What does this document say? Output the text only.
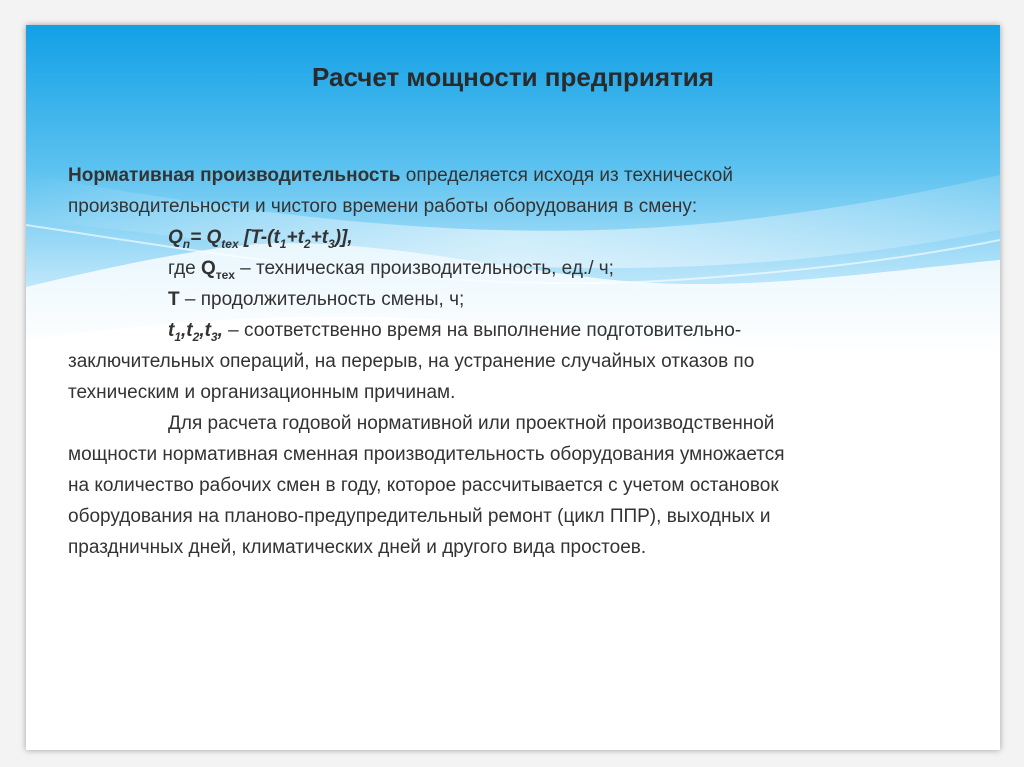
Расчет мощности предприятия

Нормативная производительность определяется исходя из технической

производительности и чистого времени работы оборудования в смену:

$Q_n= Q_{tex}$ $[T-(t_1+t_2+t_3)]$,

где $Q_{тех}$ – техническая производительность, ед./ ч;

T – продолжительность смены, ч;

$t_1,t_2,t_3$, – соответственно время на выполнение подготовительно-

заключительных операций, на перерыв, на устранение случайных отказов по

техническим и организационным причинам.

Для расчета годовой нормативной или проектной производственной

мощности нормативная сменная производительность оборудования умножается

на количество рабочих смен в году, которое рассчитывается с учетом остановок

оборудования на планово-предупредительный ремонт (цикл ППР), выходных и

праздничных дней, климатических дней и другого вида простоев.
